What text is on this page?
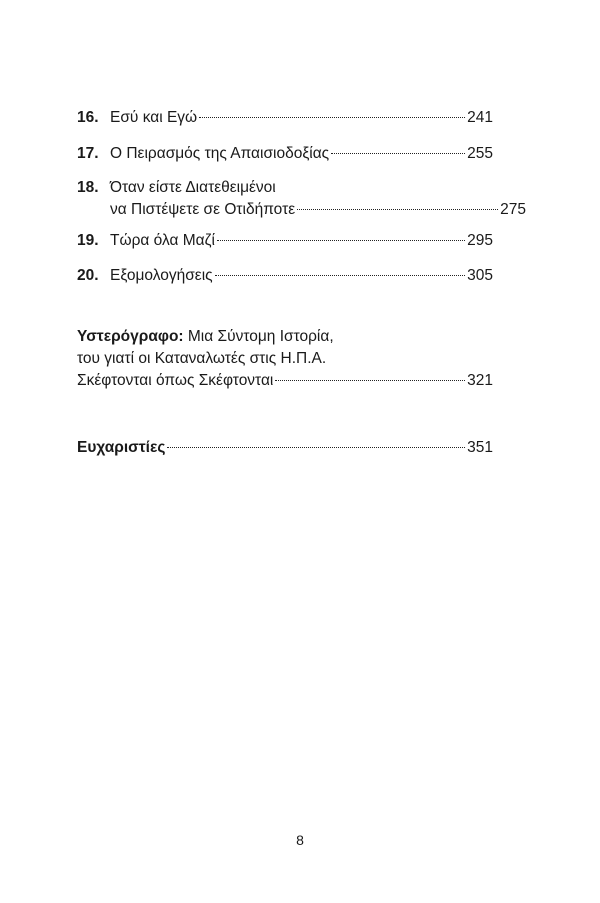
16. Εσύ και Εγώ	241
17. Ο Πειρασμός της Απαισιοδοξίας	255
18. Όταν είστε Διατεθειμένοι
να Πιστέψετε σε Οτιδήποτε	275
19. Τώρα όλα Μαζί	295
20. Εξομολογήσεις	305
Υστερόγραφο: Μια Σύντομη Ιστορία,
του γιατί οι Καταναλωτές στις Η.Π.Α.
Σκέφτονται όπως Σκέφτονται	321
Ευχαριστίες	351
8
